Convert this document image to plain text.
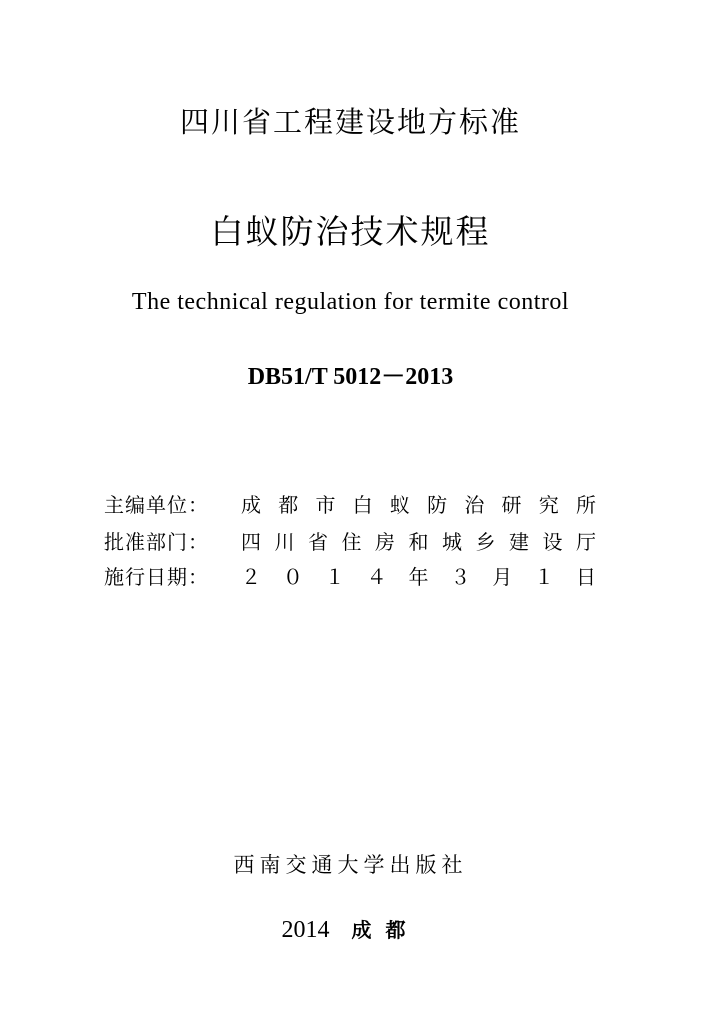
四川省工程建设地方标准
白蚁防治技术规程
The technical regulation for termite control
DB51/T 5012－2013
主编单位： 成 都 市 白 蚁 防 治 研 究 所
批准部门： 四 川 省 住 房 和 城 乡 建 设 厅
施行日期： ２ ０ １ ４ 年 ３ 月 １ 日
西南交通大学出版社
2014 成都
